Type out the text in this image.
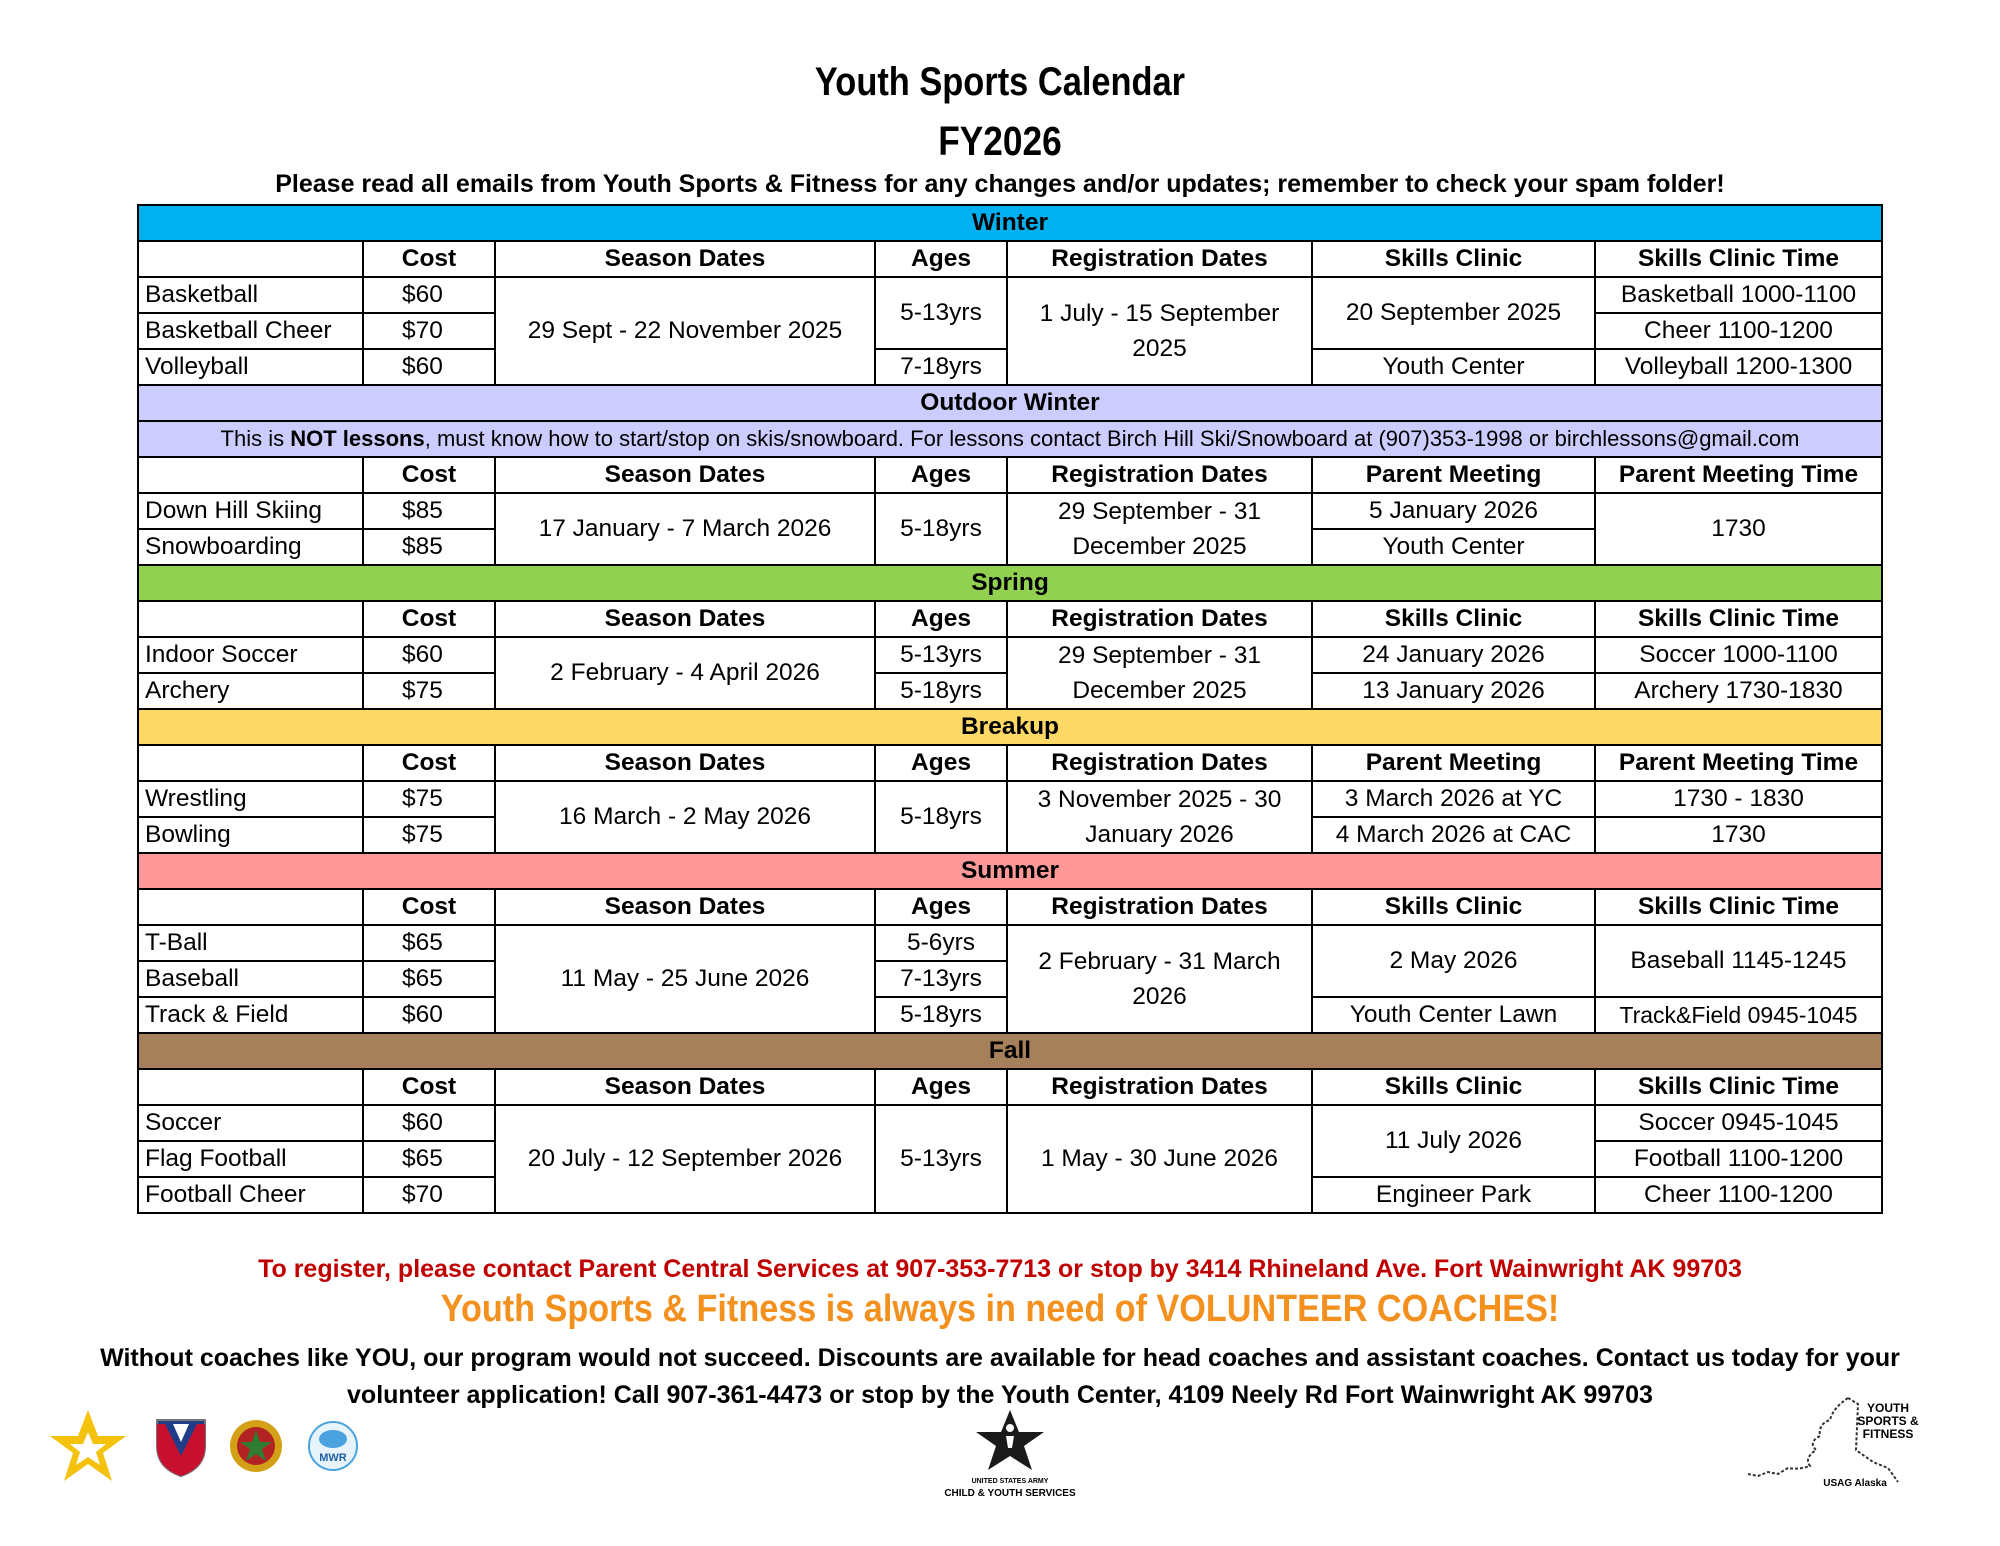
Youth Sports Calendar
FY2026
Please read all emails from Youth Sports & Fitness for any changes and/or updates; remember to check your spam folder!
Winter						
	Cost	Season Dates	Ages	Registration Dates	Skills Clinic	Skills Clinic Time
Basketball	$60	29 Sept - 22 November 2025	5-13yrs	1 July - 15 September 2025	20 September 2025	Basketball 1000-1100
Basketball Cheer	$70					Cheer 1100-1200
Volleyball	$60		7-18yrs		Youth Center	Volleyball 1200-1300
Outdoor Winter						
This is NOT lessons, must know how to start/stop on skis/snowboard. For lessons contact Birch Hill Ski/Snowboard at (907)353-1998 or birchlessons@gmail.com						
	Cost	Season Dates	Ages	Registration Dates	Parent Meeting	Parent Meeting Time
Down Hill Skiing	$85	17 January - 7 March 2026	5-18yrs	29 September - 31 December 2025	5 January 2026	1730
Snowboarding	$85				Youth Center	
Spring						
	Cost	Season Dates	Ages	Registration Dates	Skills Clinic	Skills Clinic Time
Indoor Soccer	$60	2 February - 4 April 2026	5-13yrs	29 September - 31 December 2025	24 January 2026	Soccer 1000-1100
Archery	$75		5-18yrs		13 January 2026	Archery 1730-1830
Breakup						
	Cost	Season Dates	Ages	Registration Dates	Parent Meeting	Parent Meeting Time
Wrestling	$75	16 March - 2 May 2026	5-18yrs	3 November 2025 - 30 January 2026	3 March 2026 at YC	1730 - 1830
Bowling	$75				4 March 2026 at CAC	1730
Summer						
	Cost	Season Dates	Ages	Registration Dates	Skills Clinic	Skills Clinic Time
T-Ball	$65	11 May - 25 June 2026	5-6yrs	2 February - 31 March 2026	2 May 2026	Baseball 1145-1245
Baseball	$65		7-13yrs			
Track & Field	$60		5-18yrs		Youth Center Lawn	Track&Field 0945-1045
Fall						
	Cost	Season Dates	Ages	Registration Dates	Skills Clinic	Skills Clinic Time
Soccer	$60	20 July - 12 September 2026	5-13yrs	1 May - 30 June 2026	11 July 2026	Soccer 0945-1045
Flag Football	$65					Football 1100-1200
Football Cheer	$70				Engineer Park	Cheer 1100-1200
To register, please contact Parent Central Services at 907-353-7713 or stop by 3414 Rhineland Ave. Fort Wainwright AK 99703
Youth Sports & Fitness is always in need of VOLUNTEER COACHES!
Without coaches like YOU, our program would not succeed. Discounts are available for head coaches and assistant coaches. Contact us today for your volunteer application! Call 907-361-4473 or stop by the Youth Center, 4109 Neely Rd Fort Wainwright AK 99703
MWR
UNITED STATES ARMY
CHILD & YOUTH SERVICES
YOUTH SPORTS & FITNESS
USAG Alaska
